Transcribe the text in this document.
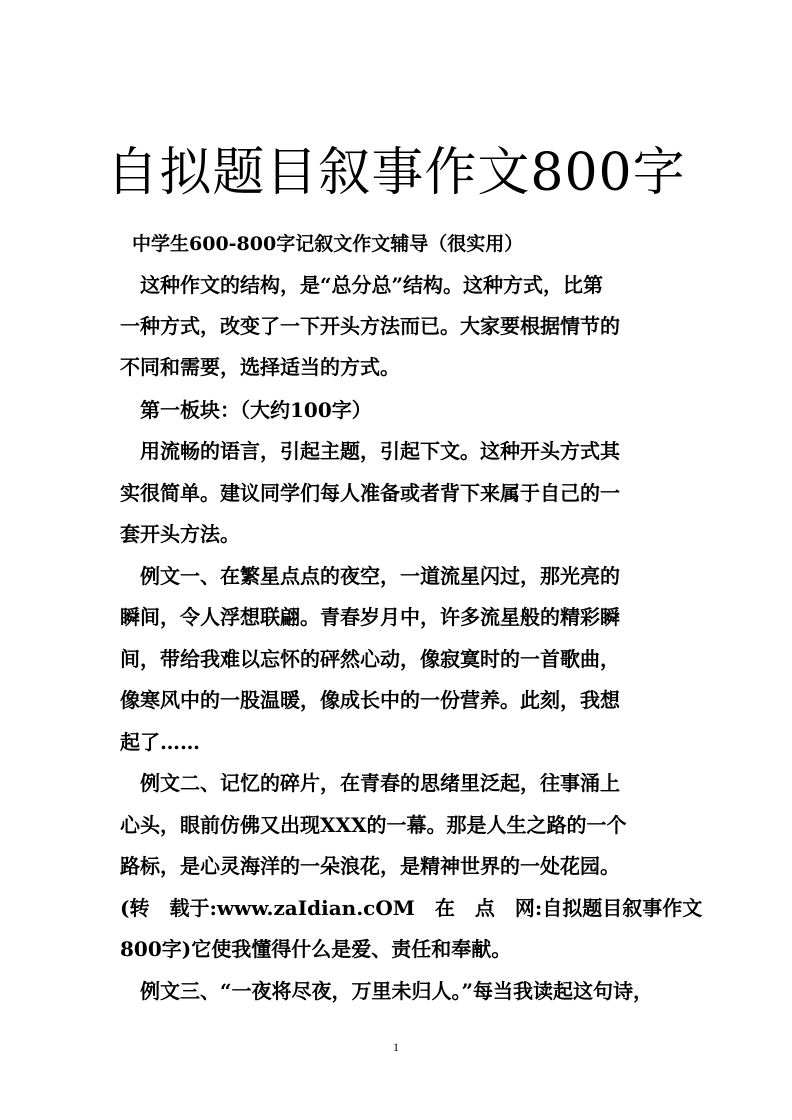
自拟题目叙事作文800字
中学生600-800字记叙文作文辅导（很实用）
　这种作文的结构，是“总分总”结构。这种方式，比第
一种方式，改变了一下开头方法而已。大家要根据情节的
不同和需要，选择适当的方式。
　第一板块：（大约100字）
　用流畅的语言，引起主题，引起下文。这种开头方式其
实很简单。建议同学们每人准备或者背下来属于自己的一
套开头方法。
　例文一、在繁星点点的夜空，一道流星闪过，那光亮的
瞬间，令人浮想联翩。青春岁月中，许多流星般的精彩瞬
间，带给我难以忘怀的砰然心动，像寂寞时的一首歌曲，
像寒风中的一股温暖，像成长中的一份营养。此刻，我想
起了……
　例文二、记忆的碎片，在青春的思绪里泛起，往事涌上
心头，眼前仿佛又出现XXX的一幕。那是人生之路的一个
路标，是心灵海洋的一朵浪花，是精神世界的一处花园。
(转　载于:www.zaIdian.cOM　在　点　网:自拟题目叙事作文
800字)它使我懂得什么是爱、责任和奉献。
　例文三、“一夜将尽夜，万里未归人。”每当我读起这句诗，
1
